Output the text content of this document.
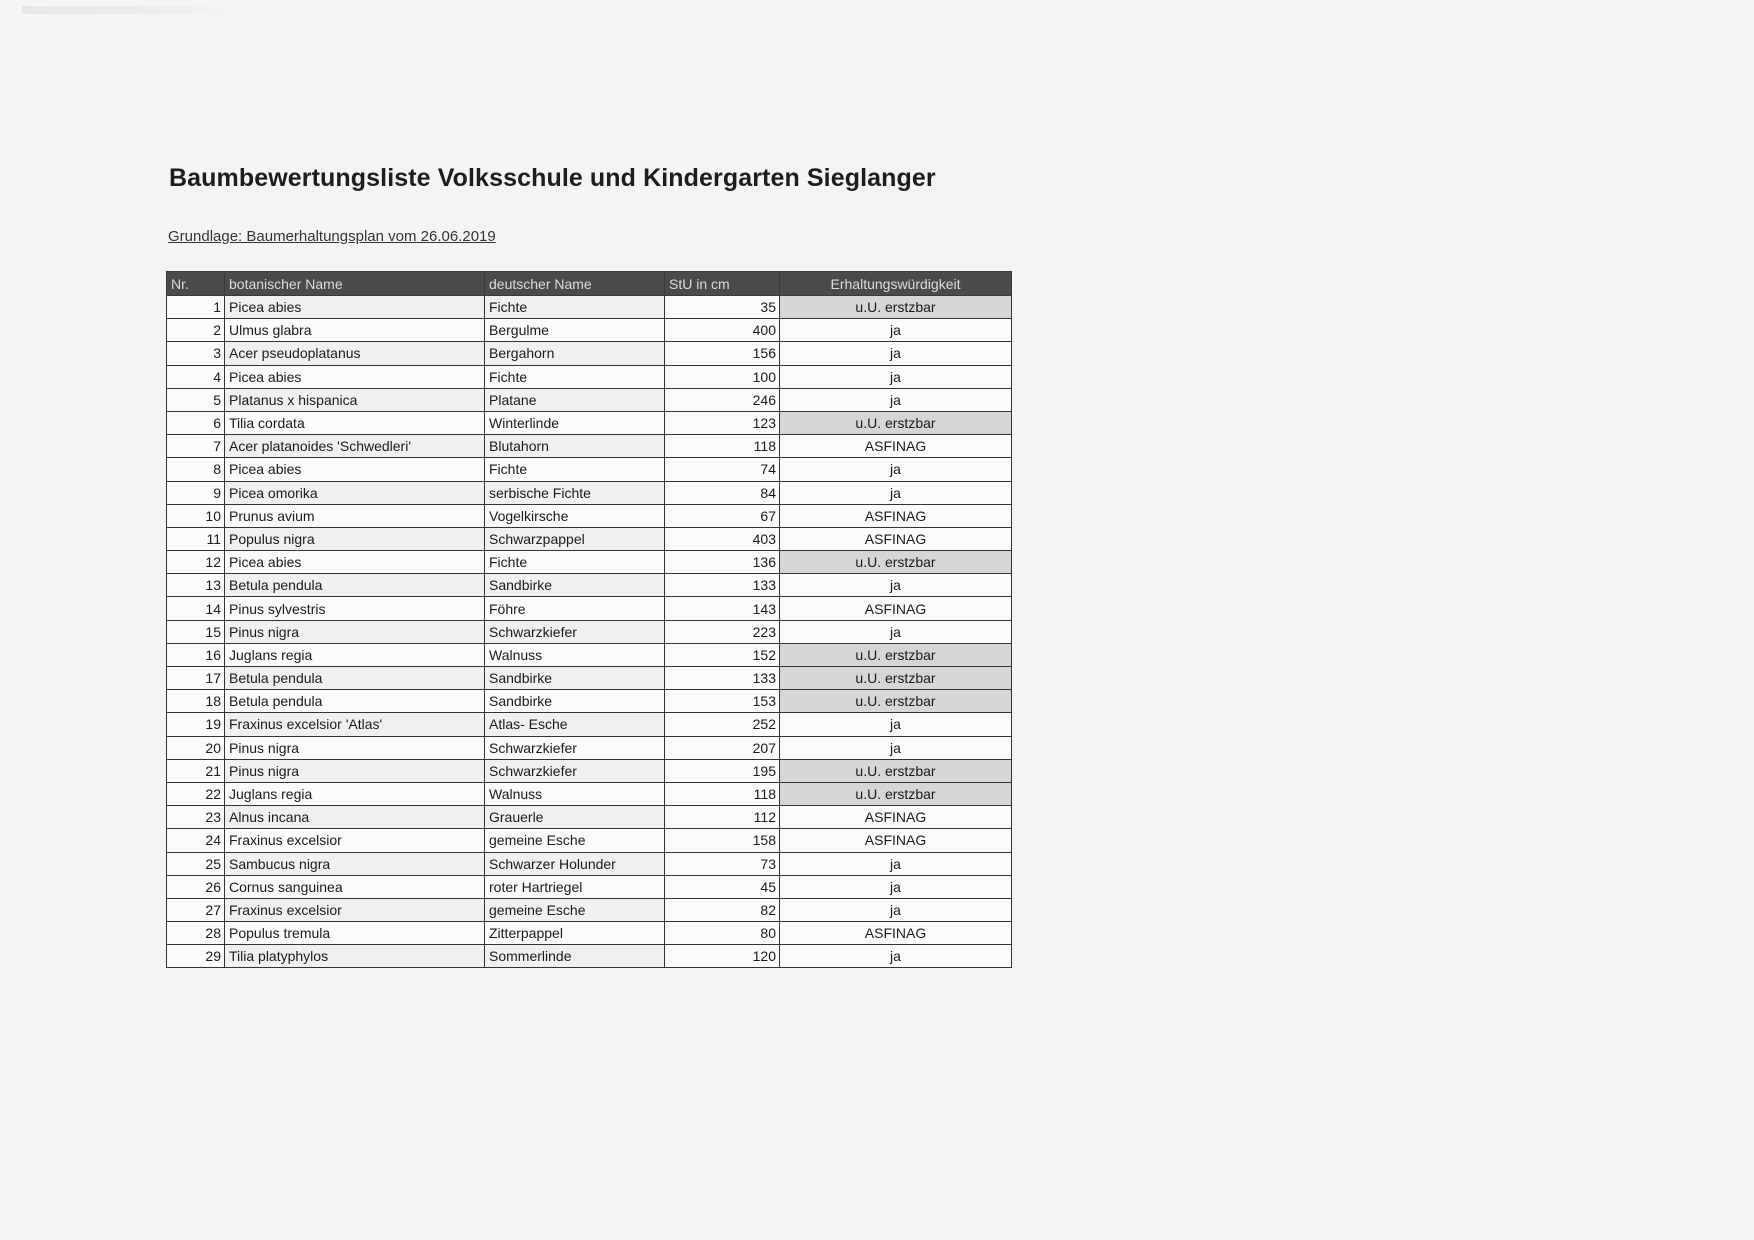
Baumbewertungsliste Volksschule und Kindergarten Sieglanger
Grundlage: Baumerhaltungsplan vom 26.06.2019
Nr.	botanischer Name	deutscher Name	StU in cm	Erhaltungswürdigkeit
1	Picea abies	Fichte	35	u.U. erstzbar
2	Ulmus glabra	Bergulme	400	ja
3	Acer pseudoplatanus	Bergahorn	156	ja
4	Picea abies	Fichte	100	ja
5	Platanus x hispanica	Platane	246	ja
6	Tilia cordata	Winterlinde	123	u.U. erstzbar
7	Acer platanoides 'Schwedleri'	Blutahorn	118	ASFINAG
8	Picea abies	Fichte	74	ja
9	Picea omorika	serbische Fichte	84	ja
10	Prunus avium	Vogelkirsche	67	ASFINAG
11	Populus nigra	Schwarzpappel	403	ASFINAG
12	Picea abies	Fichte	136	u.U. erstzbar
13	Betula pendula	Sandbirke	133	ja
14	Pinus sylvestris	Föhre	143	ASFINAG
15	Pinus nigra	Schwarzkiefer	223	ja
16	Juglans regia	Walnuss	152	u.U. erstzbar
17	Betula pendula	Sandbirke	133	u.U. erstzbar
18	Betula pendula	Sandbirke	153	u.U. erstzbar
19	Fraxinus excelsior 'Atlas'	Atlas- Esche	252	ja
20	Pinus nigra	Schwarzkiefer	207	ja
21	Pinus nigra	Schwarzkiefer	195	u.U. erstzbar
22	Juglans regia	Walnuss	118	u.U. erstzbar
23	Alnus incana	Grauerle	112	ASFINAG
24	Fraxinus excelsior	gemeine Esche	158	ASFINAG
25	Sambucus nigra	Schwarzer Holunder	73	ja
26	Cornus sanguinea	roter Hartriegel	45	ja
27	Fraxinus excelsior	gemeine Esche	82	ja
28	Populus tremula	Zitterpappel	80	ASFINAG
29	Tilia platyphylos	Sommerlinde	120	ja
